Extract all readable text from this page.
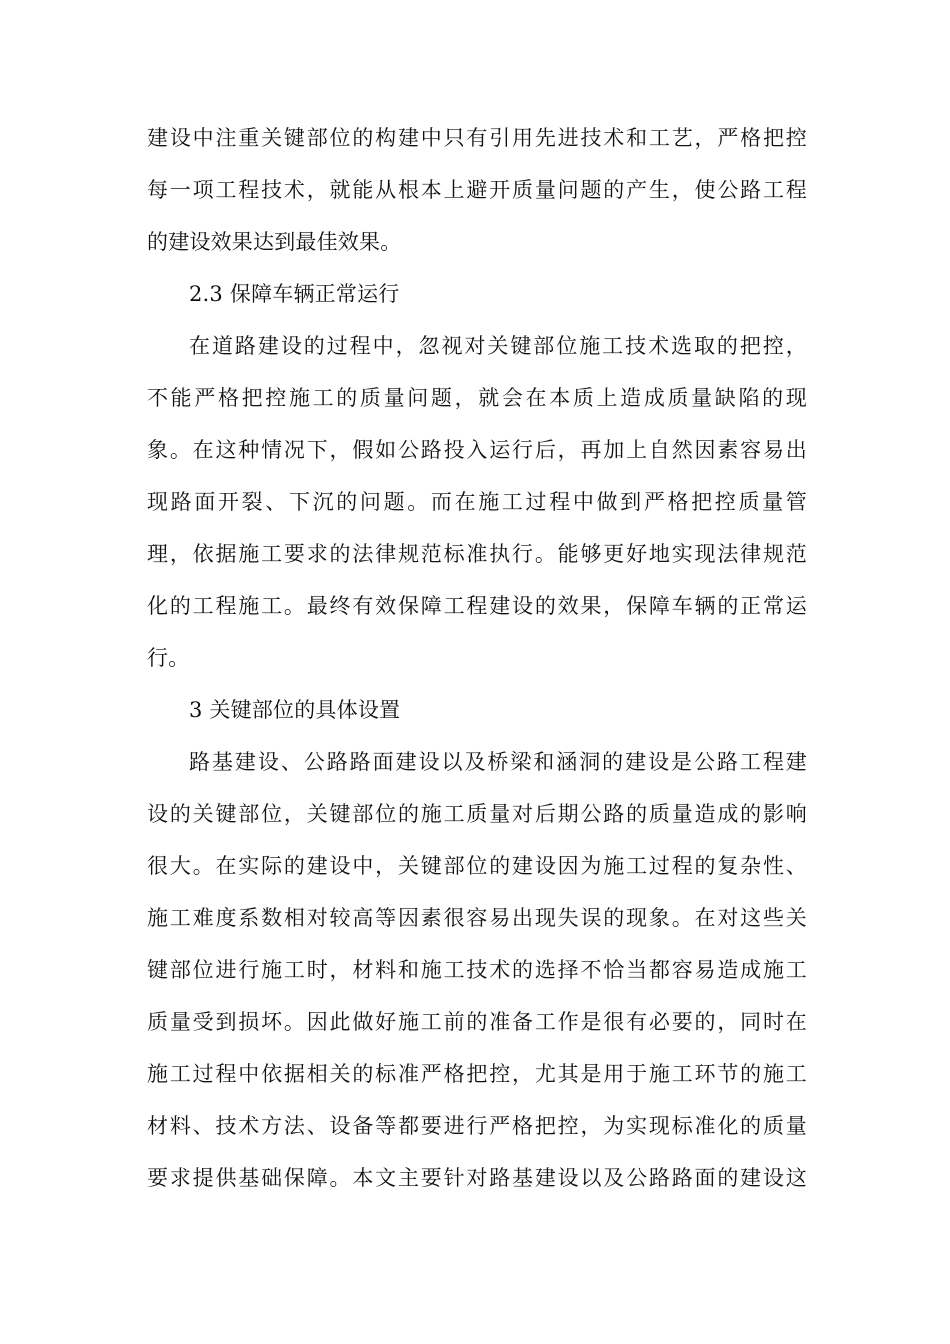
建设中注重关键部位的构建中只有引用先进技术和工艺，严格把控
每一项工程技术，就能从根本上避开质量问题的产生，使公路工程
的建设效果达到最佳效果。
2.3 保障车辆正常运行
在道路建设的过程中，忽视对关键部位施工技术选取的把控，
不能严格把控施工的质量问题，就会在本质上造成质量缺陷的现
象。在这种情况下，假如公路投入运行后，再加上自然因素容易出
现路面开裂、下沉的问题。而在施工过程中做到严格把控质量管
理，依据施工要求的法律规范标准执行。能够更好地实现法律规范
化的工程施工。最终有效保障工程建设的效果，保障车辆的正常运
行。
3 关键部位的具体设置
路基建设、公路路面建设以及桥梁和涵洞的建设是公路工程建
设的关键部位，关键部位的施工质量对后期公路的质量造成的影响
很大。在实际的建设中，关键部位的建设因为施工过程的复杂性、
施工难度系数相对较高等因素很容易出现失误的现象。在对这些关
键部位进行施工时，材料和施工技术的选择不恰当都容易造成施工
质量受到损坏。因此做好施工前的准备工作是很有必要的，同时在
施工过程中依据相关的标准严格把控，尤其是用于施工环节的施工
材料、技术方法、设备等都要进行严格把控，为实现标准化的质量
要求提供基础保障。本文主要针对路基建设以及公路路面的建设这
